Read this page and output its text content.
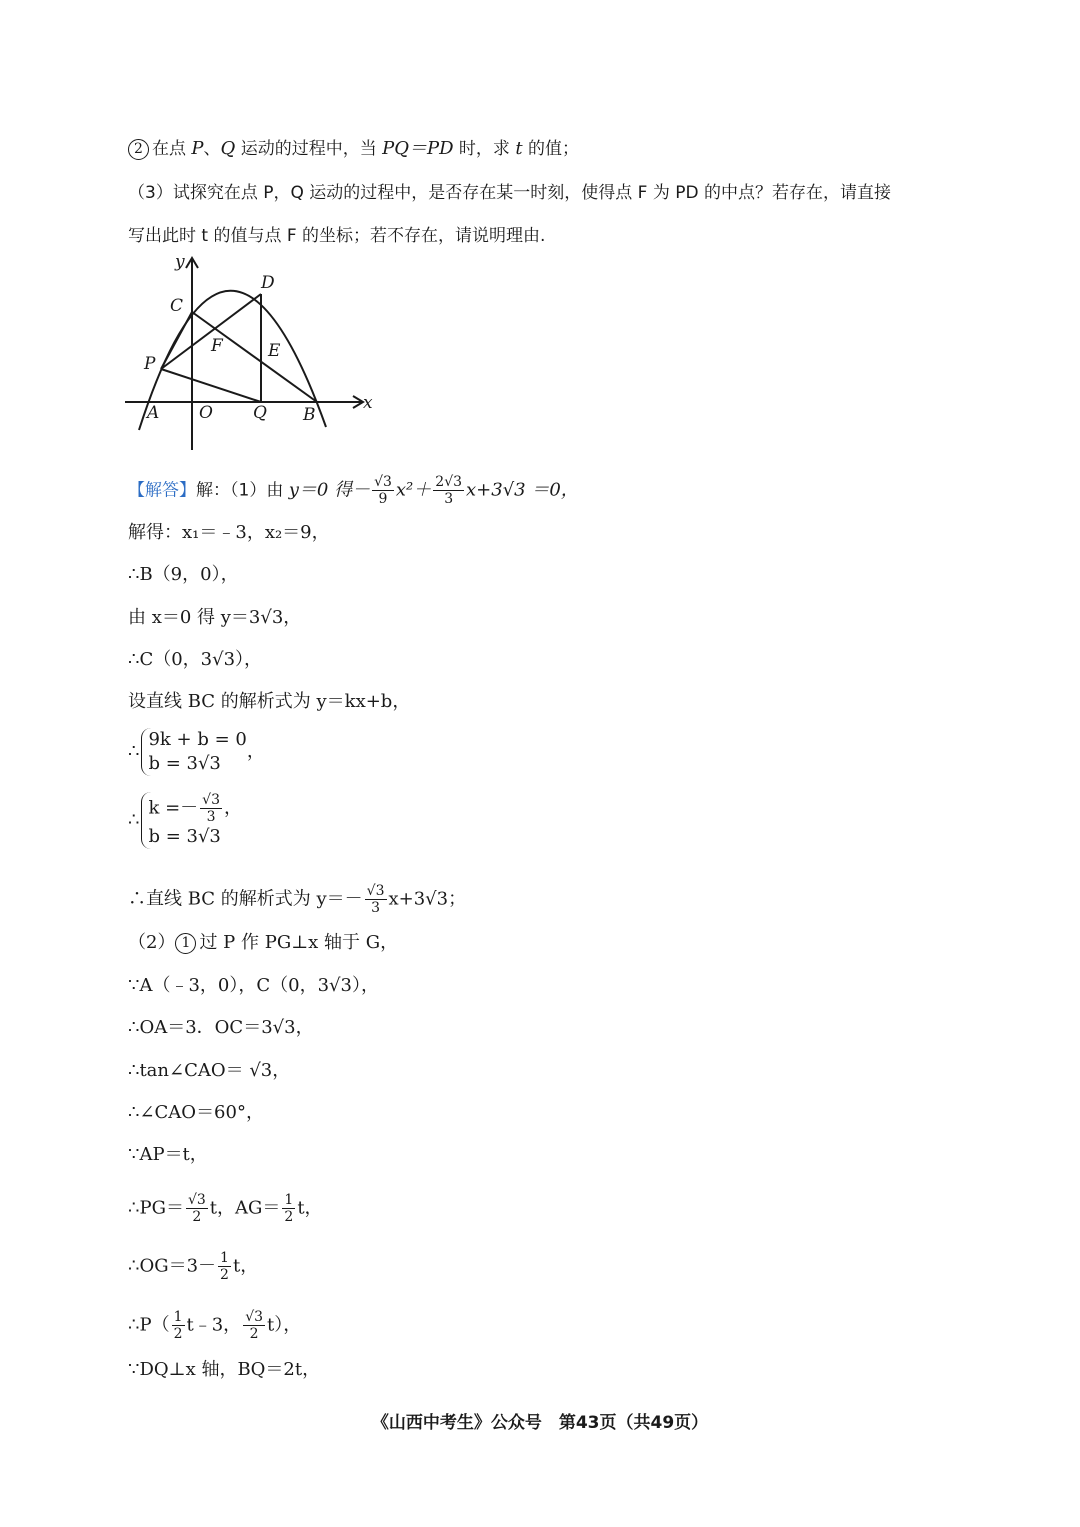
2 在点 P、Q 运动的过程中，当 PQ＝PD 时，求 t 的值；
（3）试探究在点 P，Q 运动的过程中，是否存在某一时刻，使得点 F 为 PD 的中点？若存在，请直接
写出此时 t 的值与点 F 的坐标；若不存在，请说明理由.
y
x
A O Q B
C
D
E
F
P
【解答】解：（1）由 y＝0 得－ $\frac{√3}{9} x^2+ \frac{2√3}{3} x+3√3 =0$，
解得：x₁＝﹣3，x₂＝9，
∴B（9，0），
由 x＝0 得 y＝3√3，
∴C（0，3√3），
设直线 BC 的解析式为 y＝kx+b，
∴
9k + b = 0
b = 3√3
，
∴
$k =- \frac{√3}{3}$ ，
b = 3√3
∴直线 BC 的解析式为 $y=- \frac{√3}{3} x+3√3$；
（2） 1 过 P 作 PG⊥x 轴于 G，
∵A（﹣3，0），C（0，3√3），
∴OA＝3．OC＝3√3，
∴tan∠CAO＝ √3，
∴∠CAO＝60°，
∵AP＝t，
∴PG＝ $\frac{√3}{2}$ t，$AG= \frac{1}{2}$ t，
∴OG＝3－ $\frac{1}{2}$ t，
∴P（ $\frac{1}{2}$ t﹣3， $\frac{√3}{2} t$），
∵DQ⊥x 轴，BQ＝2t，
《山西中考生》公众号　第43页（共49页）
